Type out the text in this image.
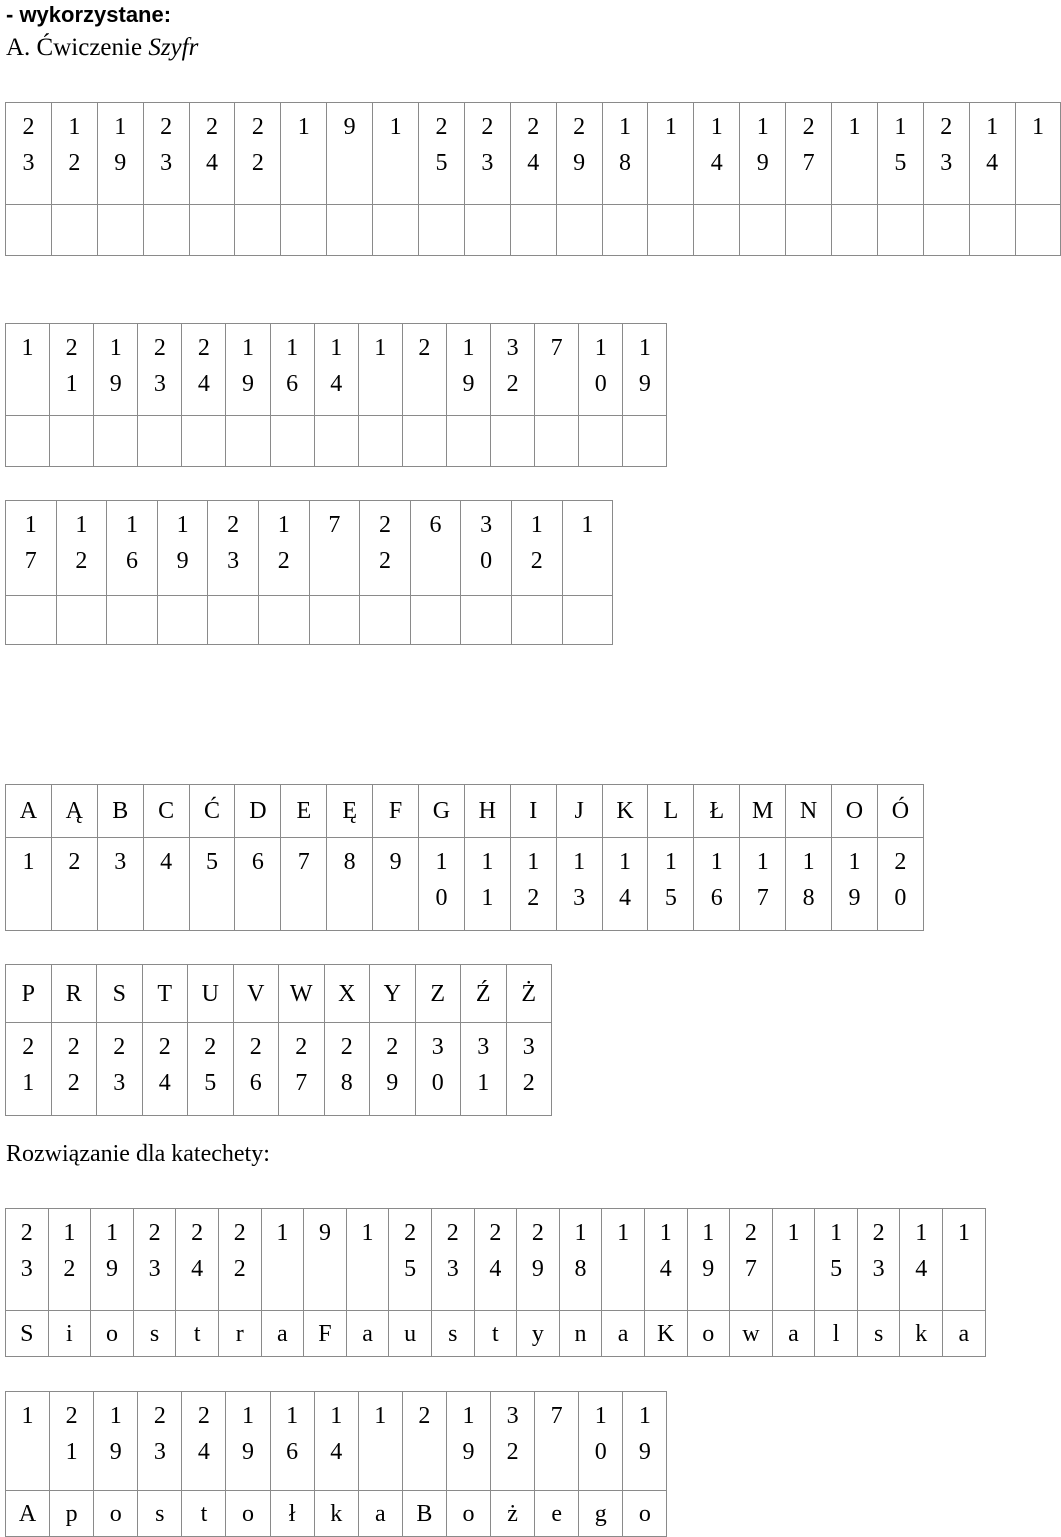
- wykorzystane:

A. Ćwiczenie Szyfr

23	12	19	23	24	22	1	9	1	25	23	24	29	18	1	14	19	27	1	15	23	14	1

1	21	19	23	24	19	16	14	1	2	19	32	7	10	19

17	12	16	19	23	12	7	22	6	30	12	1

A	Ą	B	C	Ć	D	E	Ę	F	G	H	I	J	K	L	Ł	M	N	O	Ó

1	2	3	4	5	6	7	8	9	10	11	12	13	14	15	16	17	18	19	20
P	R	S	T	U	V	W	X	Y	Z	Ź	Ż

21	22	23	24	25	26	27	28	29	30	31	32

Rozwiązanie dla katechety:

23	12	19	23	24	22	1	9	1	25	23	24	29	18	1	14	19	27	1	15	23	14	1

S	i	o	s	t	r	a	F	a	u	s	t	y	n	a	K	o	w	a	l	s	k	a
1	21	19	23	24	19	16	14	1	2	19	32	7	10	19

A	p	o	s	t	o	ł	k	a	B	o	ż	e	g	o
